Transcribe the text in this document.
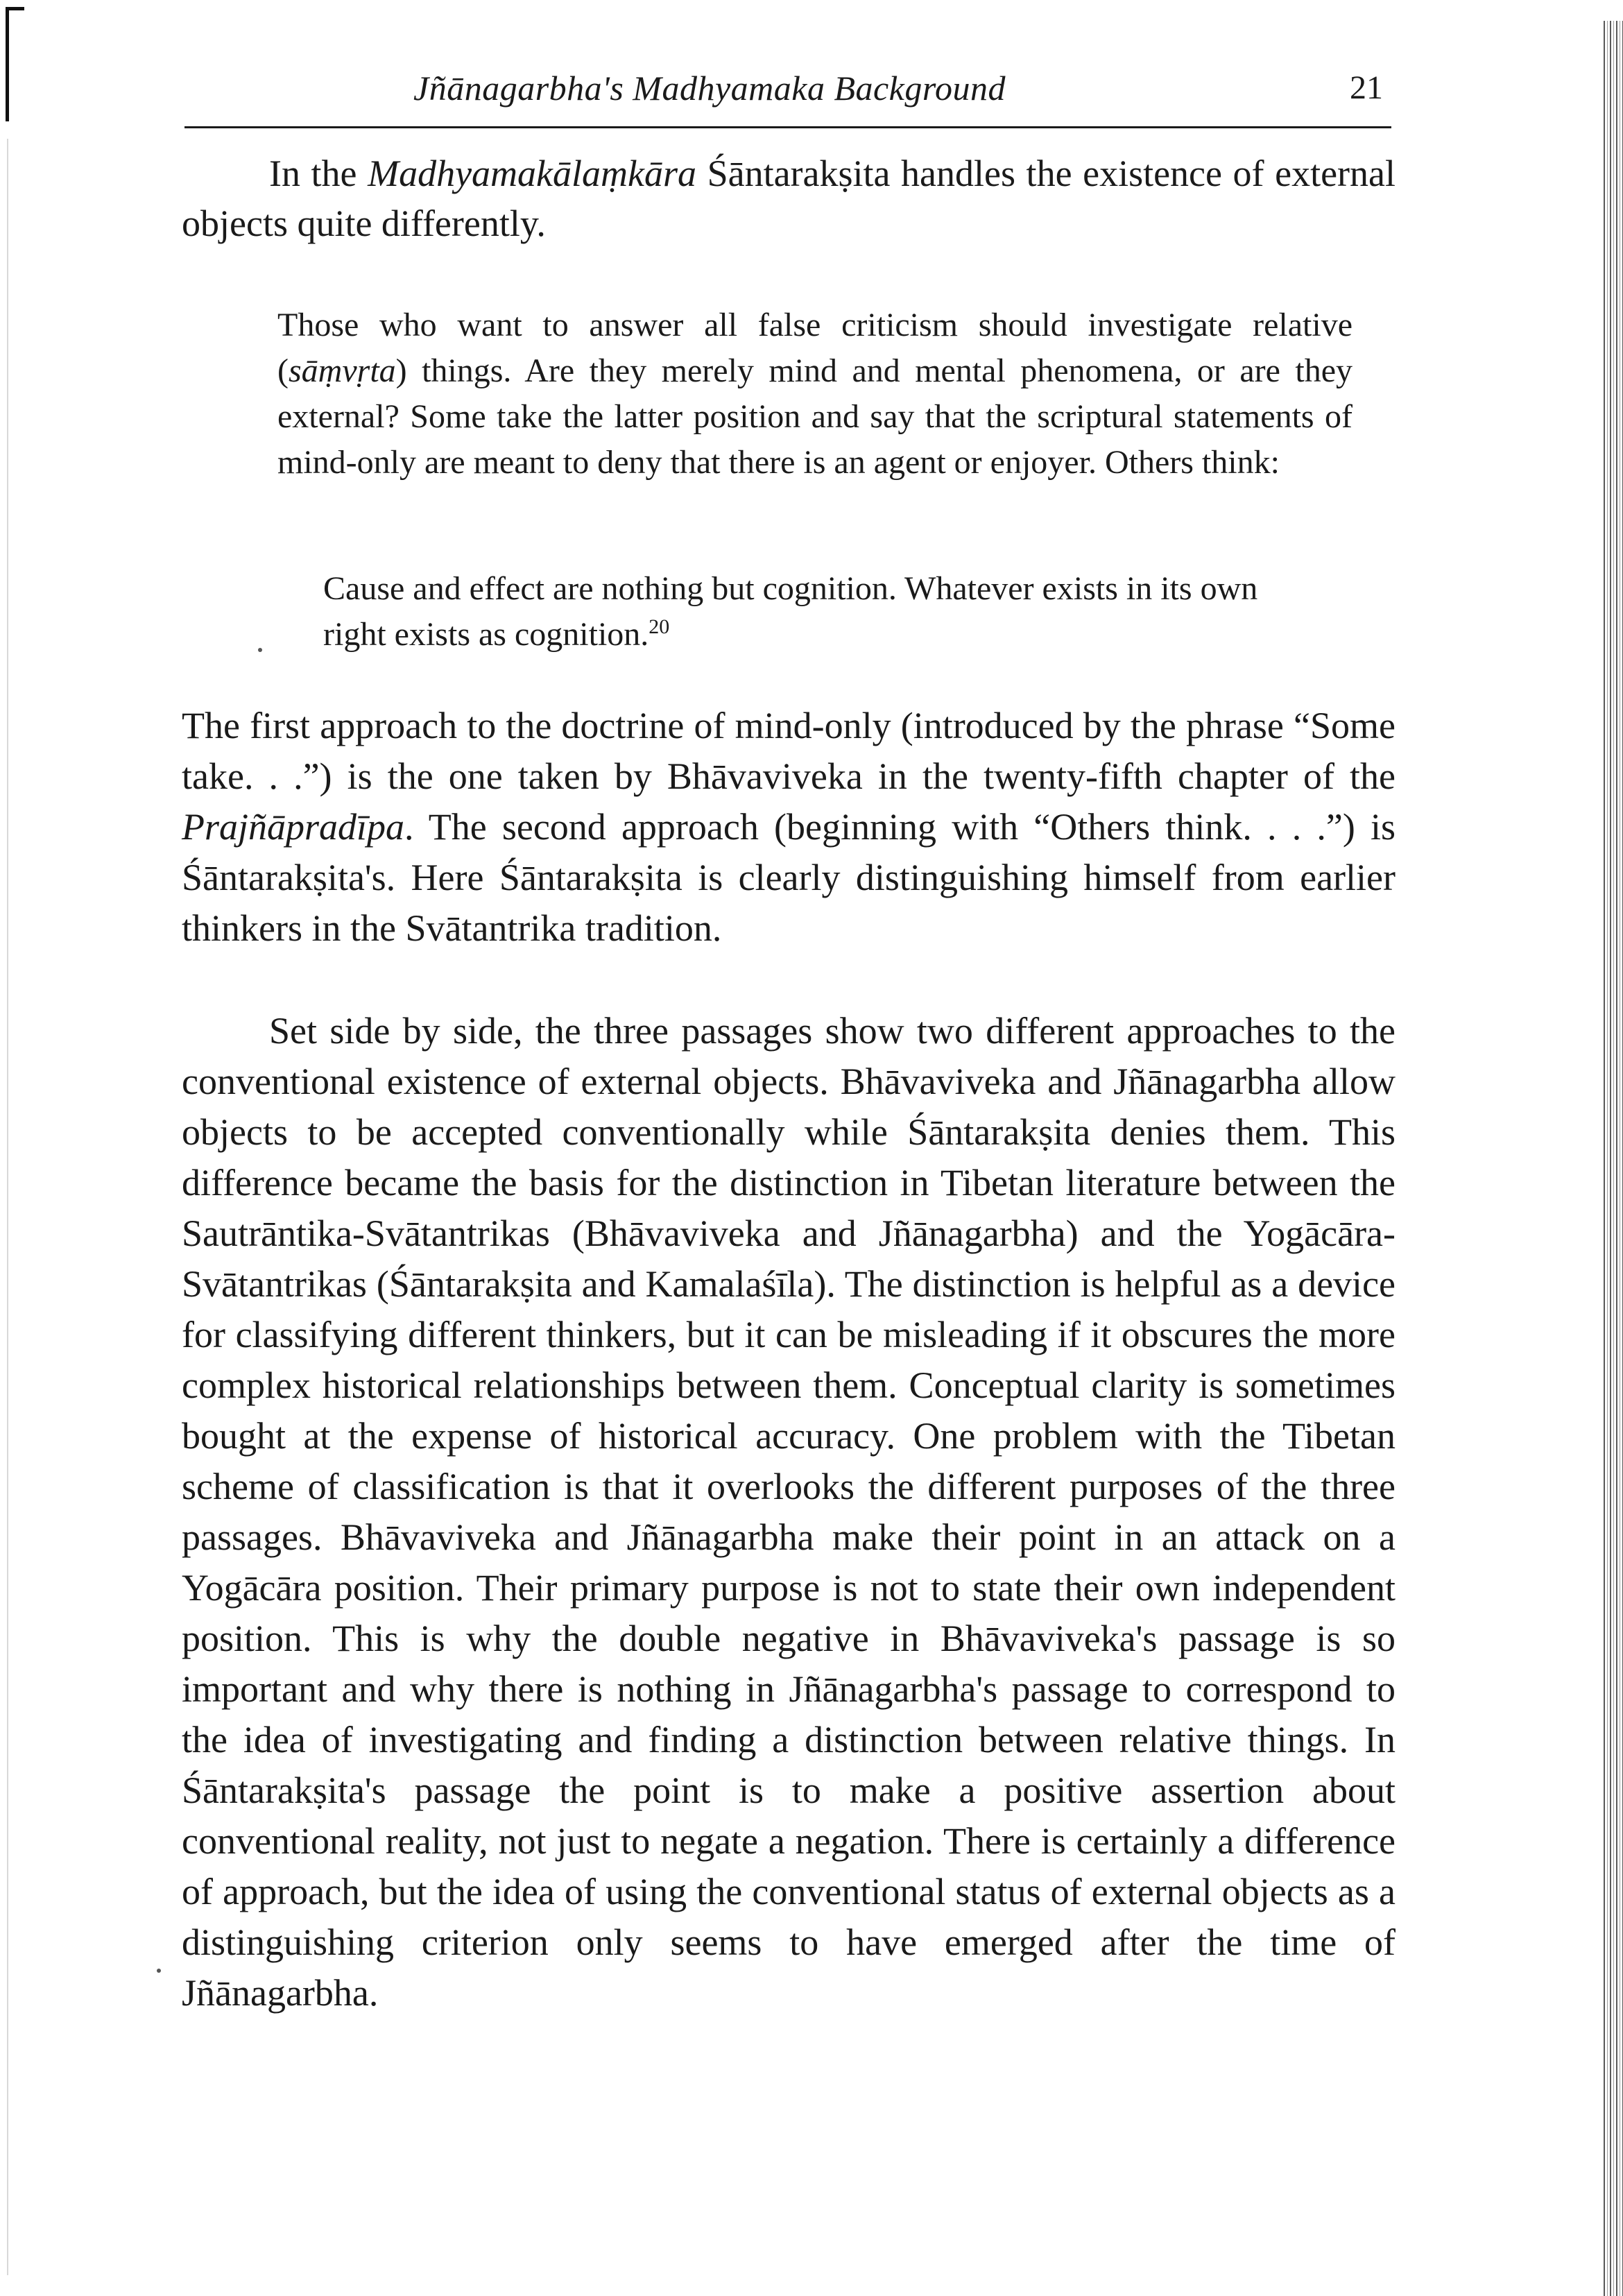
Jñānagarbha's Madhyamaka Background	21

In the Madhyamakālaṃkāra Śāntarakṣita handles the existence of external objects quite differently.

Those who want to answer all false criticism should investigate relative (sāṃvṛta) things. Are they merely mind and mental phenomena, or are they external? Some take the latter position and say that the scriptural statements of mind-only are meant to deny that there is an agent or enjoyer. Others think:

Cause and effect are nothing but cognition. Whatever exists in its own right exists as cognition.$^{20}$

The first approach to the doctrine of mind-only (introduced by the phrase “Some take. . .”) is the one taken by Bhāvaviveka in the twenty-fifth chapter of the Prajñāpradīpa. The second approach (beginning with “Others think. . . .”) is Śāntarakṣita's. Here Śāntarakṣita is clearly distinguishing himself from earlier thinkers in the Svātantrika tradition.

Set side by side, the three passages show two different approaches to the conventional existence of external objects. Bhāvaviveka and Jñānagarbha allow objects to be accepted conventionally while Śāntarakṣita denies them. This difference became the basis for the distinction in Tibetan literature between the Sautrāntika-Svātantrikas (Bhāvaviveka and Jñānagarbha) and the Yogācāra-Svātantrikas (Śāntarakṣita and Kamalaśīla). The distinction is helpful as a device for classifying different thinkers, but it can be misleading if it obscures the more complex historical relationships between them. Conceptual clarity is sometimes bought at the expense of historical accuracy. One problem with the Tibetan scheme of classification is that it overlooks the different purposes of the three passages. Bhāvaviveka and Jñānagarbha make their point in an attack on a Yogācāra position. Their primary purpose is not to state their own independent position. This is why the double negative in Bhāvaviveka's passage is so important and why there is nothing in Jñānagarbha's passage to correspond to the idea of investigating and finding a distinction between relative things. In Śāntarakṣita's passage the point is to make a positive assertion about conventional reality, not just to negate a negation. There is certainly a difference of approach, but the idea of using the conventional status of external objects as a distinguishing criterion only seems to have emerged after the time of Jñānagarbha.
